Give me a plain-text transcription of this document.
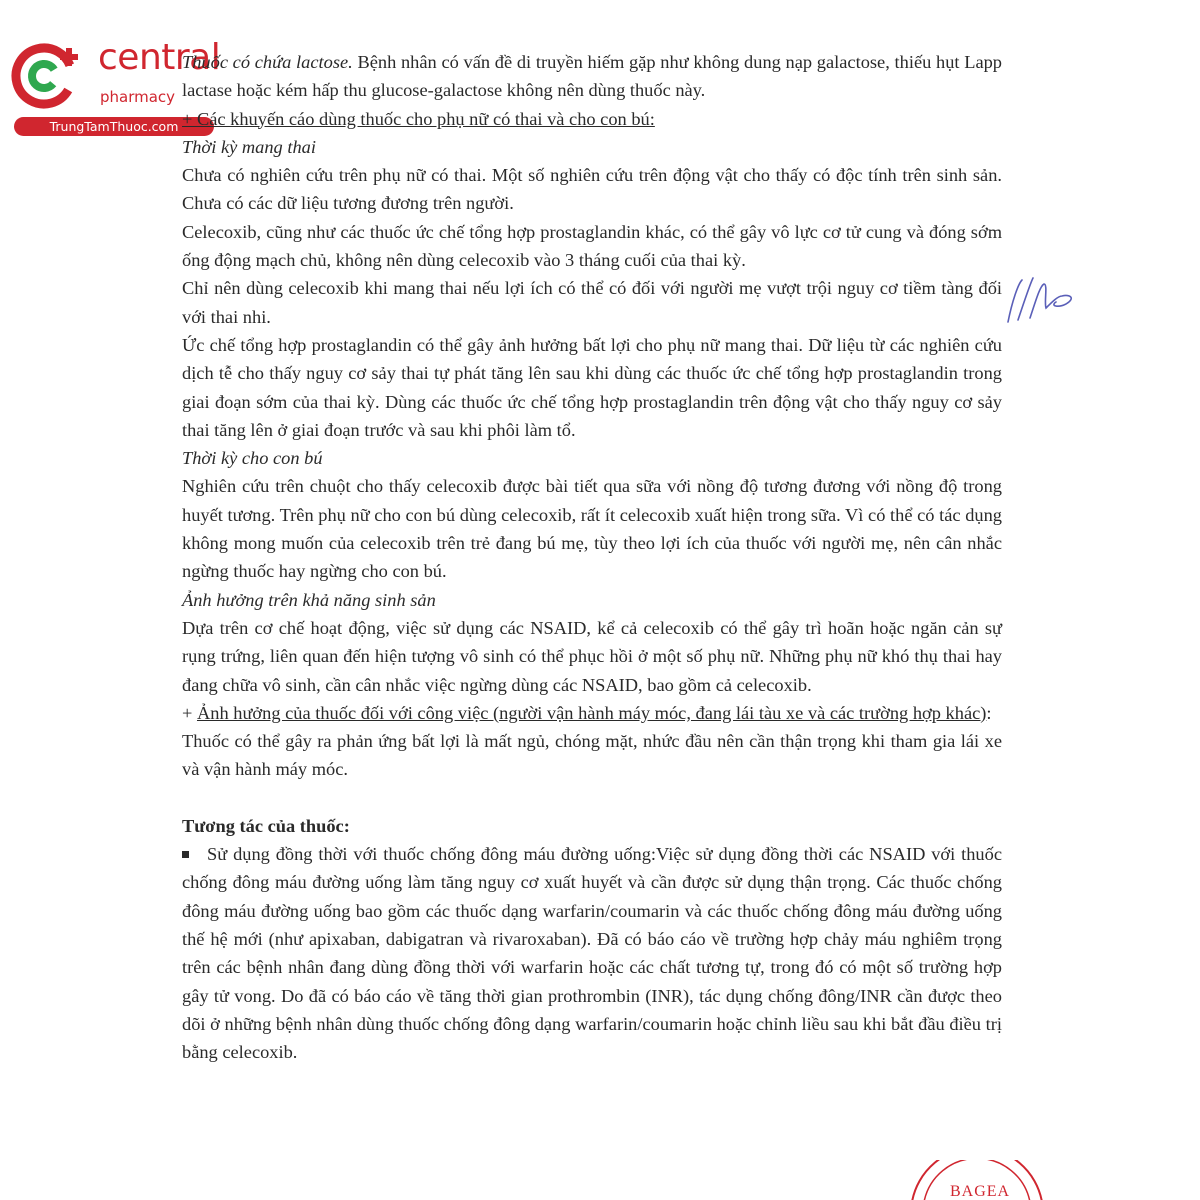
central
pharmacy
TrungTamThuoc.com

Thuốc có chứa lactose. Bệnh nhân có vấn đề di truyền hiếm gặp như không dung nạp galactose, thiếu hụt Lapp lactase hoặc kém hấp thu glucose-galactose không nên dùng thuốc này.

+ Các khuyến cáo dùng thuốc cho phụ nữ có thai và cho con bú:

Thời kỳ mang thai

Chưa có nghiên cứu trên phụ nữ có thai. Một số nghiên cứu trên động vật cho thấy có độc tính trên sinh sản. Chưa có các dữ liệu tương đương trên người.

Celecoxib, cũng như các thuốc ức chế tổng hợp prostaglandin khác, có thể gây vô lực cơ tử cung và đóng sớm ống động mạch chủ, không nên dùng celecoxib vào 3 tháng cuối của thai kỳ.

Chỉ nên dùng celecoxib khi mang thai nếu lợi ích có thể có đối với người mẹ vượt trội nguy cơ tiềm tàng đối với thai nhi.

Ức chế tổng hợp prostaglandin có thể gây ảnh hưởng bất lợi cho phụ nữ mang thai. Dữ liệu từ các nghiên cứu dịch tễ cho thấy nguy cơ sảy thai tự phát tăng lên sau khi dùng các thuốc ức chế tổng hợp prostaglandin trong giai đoạn sớm của thai kỳ. Dùng các thuốc ức chế tổng hợp prostaglandin trên động vật cho thấy nguy cơ sảy thai tăng lên ở giai đoạn trước và sau khi phôi làm tổ.

Thời kỳ cho con bú

Nghiên cứu trên chuột cho thấy celecoxib được bài tiết qua sữa với nồng độ tương đương với nồng độ trong huyết tương. Trên phụ nữ cho con bú dùng celecoxib, rất ít celecoxib xuất hiện trong sữa. Vì có thể có tác dụng không mong muốn của celecoxib trên trẻ đang bú mẹ, tùy theo lợi ích của thuốc với người mẹ, nên cân nhắc ngừng thuốc hay ngừng cho con bú.

Ảnh hưởng trên khả năng sinh sản

Dựa trên cơ chế hoạt động, việc sử dụng các NSAID, kể cả celecoxib có thể gây trì hoãn hoặc ngăn cản sự rụng trứng, liên quan đến hiện tượng vô sinh có thể phục hồi ở một số phụ nữ. Những phụ nữ khó thụ thai hay đang chữa vô sinh, cần cân nhắc việc ngừng dùng các NSAID, bao gồm cả celecoxib.

+ Ảnh hưởng của thuốc đối với công việc (người vận hành máy móc, đang lái tàu xe và các trường hợp khác):

Thuốc có thể gây ra phản ứng bất lợi là mất ngủ, chóng mặt, nhức đầu nên cần thận trọng khi tham gia lái xe và vận hành máy móc.

Tương tác của thuốc:

Sử dụng đồng thời với thuốc chống đông máu đường uống:Việc sử dụng đồng thời các NSAID với thuốc chống đông máu đường uống làm tăng nguy cơ xuất huyết và cần được sử dụng thận trọng. Các thuốc chống đông máu đường uống bao gồm các thuốc dạng warfarin/coumarin và các thuốc chống đông máu đường uống thế hệ mới (như apixaban, dabigatran và rivaroxaban). Đã có báo cáo về trường hợp chảy máu nghiêm trọng trên các bệnh nhân đang dùng đồng thời với warfarin hoặc các chất tương tự, trong đó có một số trường hợp gây tử vong. Do đã có báo cáo về tăng thời gian prothrombin (INR), tác dụng chống đông/INR cần được theo dõi ở những bệnh nhân dùng thuốc chống đông dạng warfarin/coumarin hoặc chỉnh liều sau khi bắt đầu điều trị bằng celecoxib.

BAGEA
